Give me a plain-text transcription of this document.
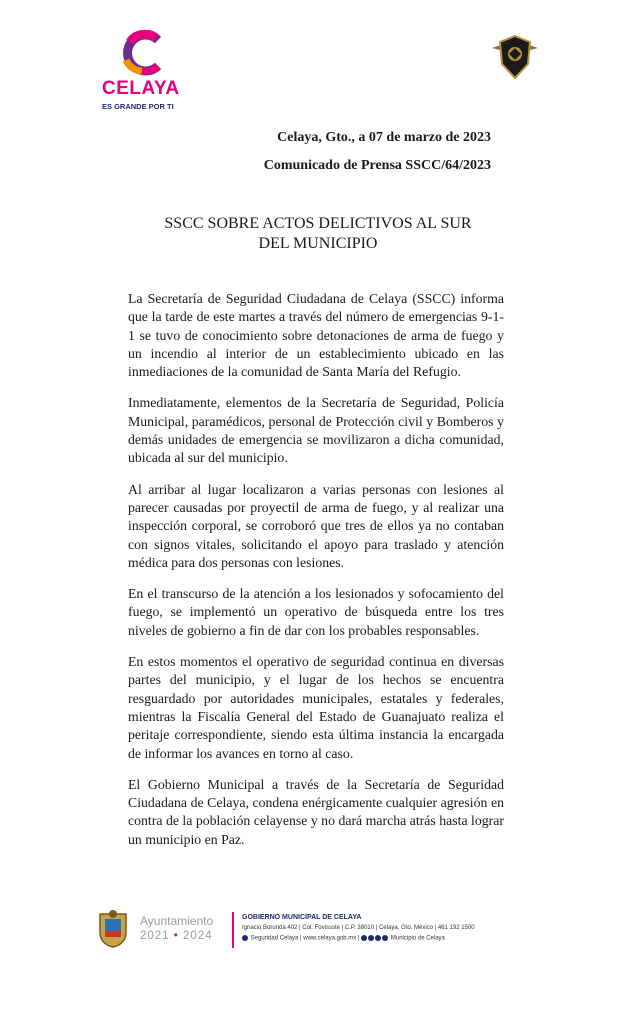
CELAYA
ES GRANDE POR TI
Celaya, Gto., a 07 de marzo de 2023
Comunicado de Prensa SSCC/64/2023
SSCC SOBRE ACTOS DELICTIVOS AL SUR
DEL MUNICIPIO

La Secretaría de Seguridad Ciudadana de Celaya (SSCC) informa que la tarde de este martes a través del número de emergencias 9-1-1 se tuvo de conocimiento sobre detonaciones de arma de fuego y un incendio al interior de un establecimiento ubicado en las inmediaciones de la comunidad de Santa María del Refugio.

Inmediatamente, elementos de la Secretaría de Seguridad, Policía Municipal, paramédicos, personal de Protección civil y Bomberos y demás unidades de emergencia se movilizaron a dicha comunidad, ubicada al sur del municipio.

Al arribar al lugar localizaron a varias personas con lesiones al parecer causadas por proyectil de arma de fuego, y al realizar una inspección corporal, se corroboró que tres de ellos ya no contaban con signos vitales, solicitando el apoyo para traslado y atención médica para dos personas con lesiones.

En el transcurso de la atención a los lesionados y sofocamiento del fuego, se implementó un operativo de búsqueda entre los tres niveles de gobierno a fin de dar con los probables responsables.

En estos momentos el operativo de seguridad continua en diversas partes del municipio, y el lugar de los hechos se encuentra resguardado por autoridades municipales, estatales y federales, mientras la Fiscalía General del Estado de Guanajuato realiza el peritaje correspondiente, siendo esta última instancia la encargada de informar los avances en torno al caso.

El Gobierno Municipal a través de la Secretaría de Seguridad Ciudadana de Celaya, condena enérgicamente cualquier agresión en contra de la población celayense y no dará marcha atrás hasta lograr un municipio en Paz.

Ayuntamiento
2021 • 2024
GOBIERNO MUNICIPAL DE CELAYA
Ignacio Borunda 402 | Col. Fovissste | C.P. 38010 | Celaya, Gto. México | 461 192 1500
Seguridad Celaya | www.celaya.gob.mx |	Municipio de Celaya
